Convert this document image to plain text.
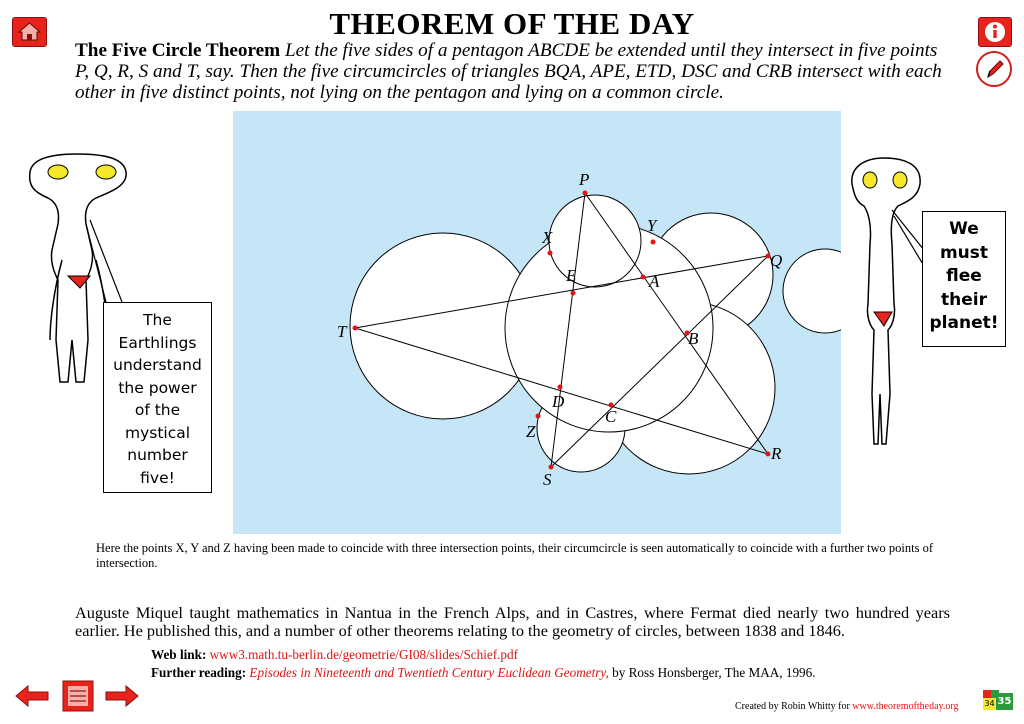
THEOREM OF THE DAY
The Five Circle Theorem Let the five sides of a pentagon ABCDE be extended until they intersect in five points P, Q, R, S and T, say. Then the five circumcircles of triangles BQA, APE, ETD, DSC and CRB intersect with each other in five distinct points, not lying on the pentagon and lying on a common circle.
P
Q
R
S
T
A
B
C
D
E
X
Y
Z
The
Earthlings
understand
the power
of the
mystical
number
five!
We
must
flee
their
planet!
Here the points X, Y and Z having been made to coincide with three intersection points, their circumcircle is seen automatically to coincide with a further two points of intersection.
Auguste Miquel taught mathematics in Nantua in the French Alps, and in Castres, where Fermat died nearly two hundred years earlier. He published this, and a number of other theorems relating to the geometry of circles, between 1838 and 1846.
Web link: www3.math.tu-berlin.de/geometrie/GI08/slides/Schief.pdf
Further reading: Episodes in Nineteenth and Twentieth Century Euclidean Geometry, by Ross Honsberger, The MAA, 1996.
Created by Robin Whitty for www.theoremoftheday.org	34 35
